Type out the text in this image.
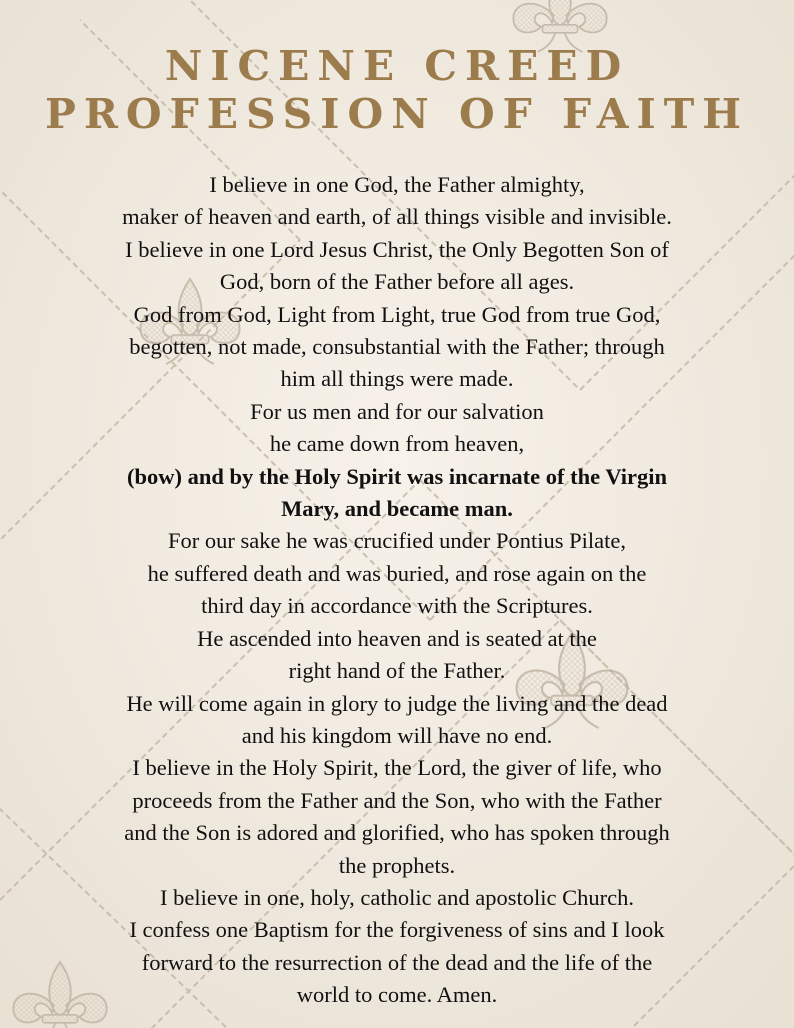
NICENE CREED
PROFESSION OF FAITH
I believe in one God, the Father almighty,
maker of heaven and earth, of all things visible and invisible.
I believe in one Lord Jesus Christ, the Only Begotten Son of
God, born of the Father before all ages.
God from God, Light from Light, true God from true God,
begotten, not made, consubstantial with the Father; through
him all things were made.
For us men and for our salvation
he came down from heaven,
(bow) and by the Holy Spirit was incarnate of the Virgin
Mary, and became man.
For our sake he was crucified under Pontius Pilate,
he suffered death and was buried, and rose again on the
third day in accordance with the Scriptures.
He ascended into heaven and is seated at the
right hand of the Father.
He will come again in glory to judge the living and the dead
and his kingdom will have no end.
I believe in the Holy Spirit, the Lord, the giver of life, who
proceeds from the Father and the Son, who with the Father
and the Son is adored and glorified, who has spoken through
the prophets.
I believe in one, holy, catholic and apostolic Church.
I confess one Baptism for the forgiveness of sins and I look
forward to the resurrection of the dead and the life of the
world to come. Amen.
